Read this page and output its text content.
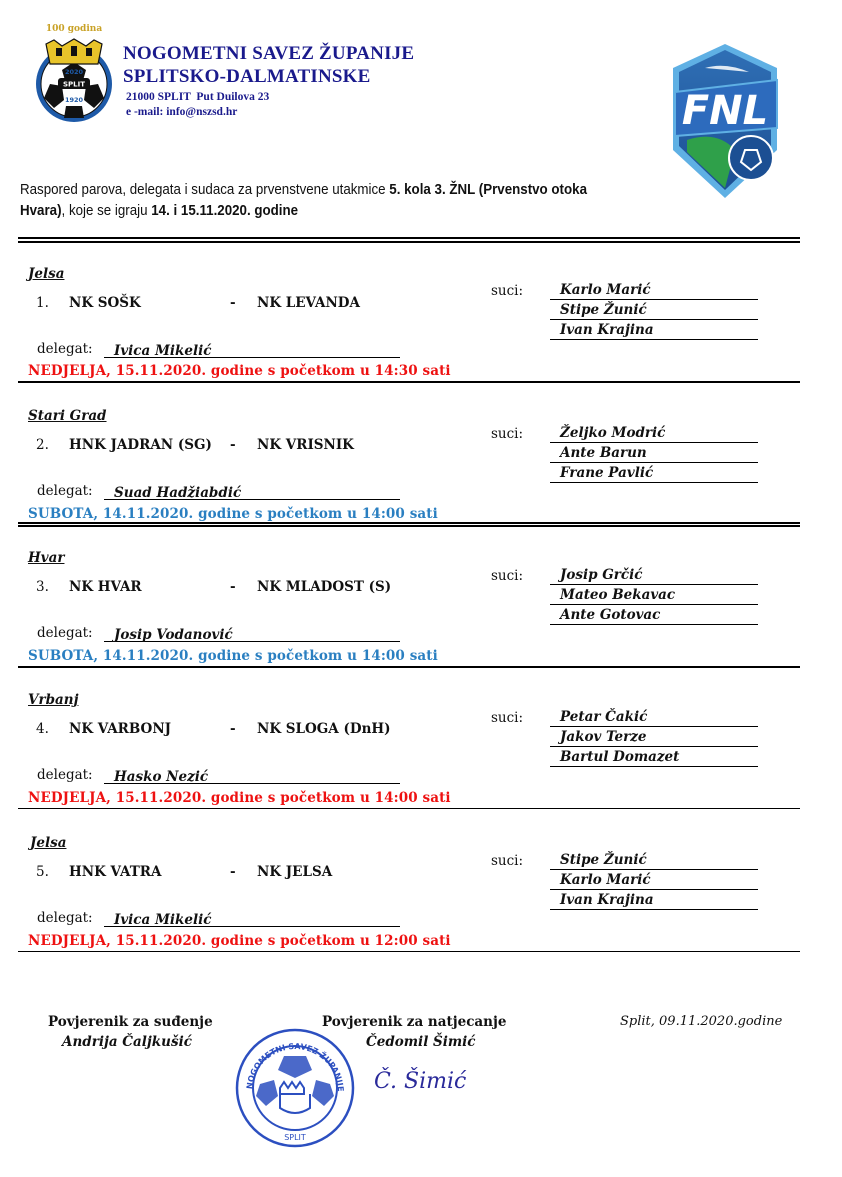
SPLIT
2020
1920
100 godina
NOGOMETNI SAVEZ ŽUPANIJE
SPLITSKO-DALMATINSKE
21000 SPLIT  Put Duilova 23
e -mail: info@nszsd.hr	FNL
Raspored parova, delegata i sudaca za prvenstvene utakmice 5. kola 3. ŽNL (Prvenstvo otoka Hvara), koje se igraju 14. i 15.11.2020. godine
Jelsa
1. NK SOŠK	- NK LEVANDA
suci:	Karlo Marić
Stipe Žunić
Ivan Krajina
delegat:	Ivica Mikelić
NEDJELJA, 15.11.2020. godine s početkom u 14:30 sati
Stari Grad
2. HNK JADRAN (SG) - NK VRISNIK
suci:	Željko Modrić
Ante Barun
Frane Pavlić
delegat:	Suad Hadžiabdić
SUBOTA, 14.11.2020. godine s početkom u 14:00 sati
Hvar
3. NK HVAR	- NK MLADOST (S)
suci:	Josip Grčić
Mateo Bekavac
Ante Gotovac
delegat:	Josip Vodanović
SUBOTA, 14.11.2020. godine s početkom u 14:00 sati
Vrbanj
4. NK VARBONJ	- NK SLOGA (DnH)
suci:	Petar Čakić
Jakov Terze
Bartul Domazet
delegat:	Hasko Nezić
NEDJELJA, 15.11.2020. godine s početkom u 14:00 sati
Jelsa
5. HNK VATRA	- NK JELSA
suci:	Stipe Žunić
Karlo Marić
Ivan Krajina
delegat:	Ivica Mikelić
NEDJELJA, 15.11.2020. godine s početkom u 12:00 sati
Povjerenik za suđenje
Andrija Čaljkušić
Povjerenik za natjecanje
Čedomil Šimić
NOGOMETNI SAVEZ ŽUPANIJE
SPLIT
Č. Šimić
Split, 09.11.2020.godine
